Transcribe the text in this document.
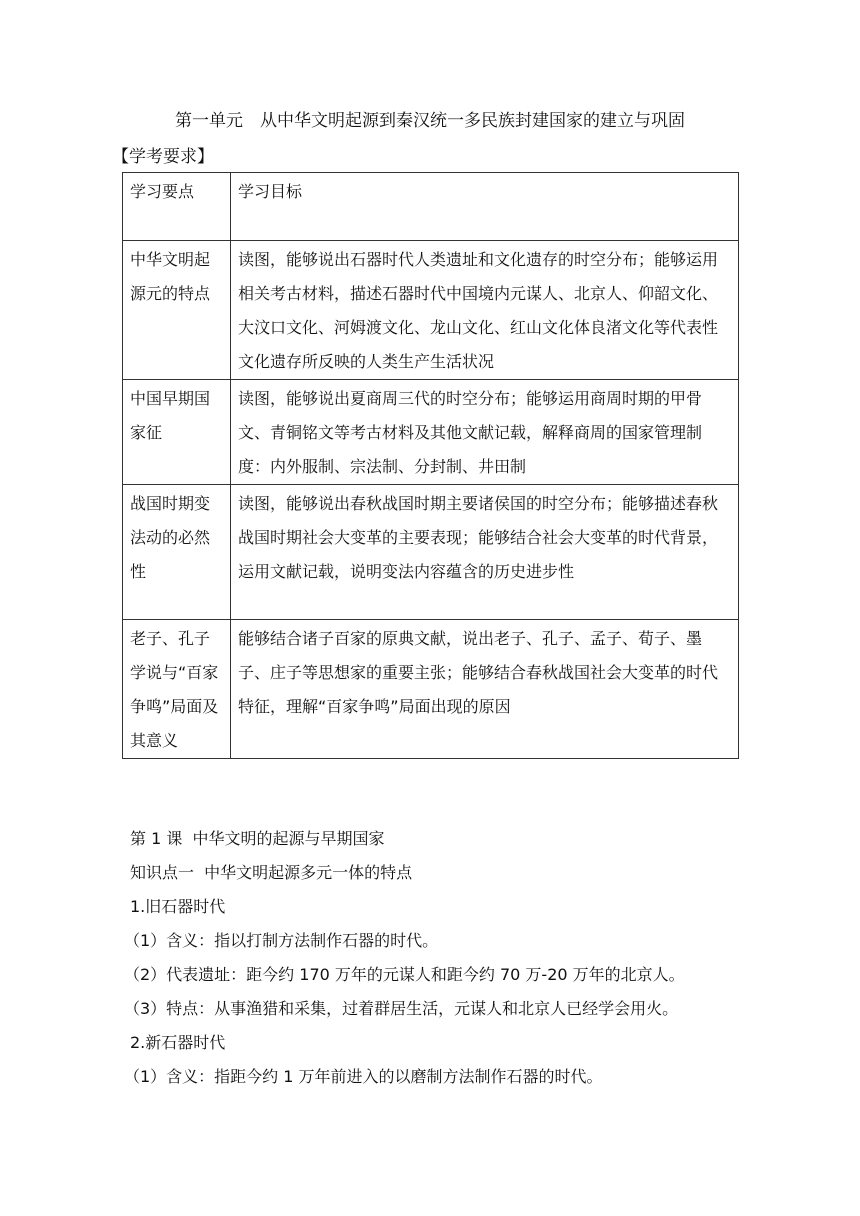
第一单元　从中华文明起源到秦汉统一多民族封建国家的建立与巩固
【学考要求】
学习要点	学习目标
中华文明起源元的特点	读图，能够说出石器时代人类遗址和文化遗存的时空分布；能够运用相关考古材料，描述石器时代中国境内元谋人、北京人、仰韶文化、大汶口文化、河姆渡文化、龙山文化、红山文化体良渚文化等代表性文化遗存所反映的人类生产生活状况
中国早期国家征	读图，能够说出夏商周三代的时空分布；能够运用商周时期的甲骨文、青铜铭文等考古材料及其他文献记载，解释商周的国家管理制度：内外服制、宗法制、分封制、井田制
战国时期变法动的必然性	读图，能够说出春秋战国时期主要诸侯国的时空分布；能够描述春秋战国时期社会大变革的主要表现；能够结合社会大变革的时代背景，运用文献记载，说明变法内容蕴含的历史进步性
老子、孔子学说与“百家争鸣”局面及其意义	能够结合诸子百家的原典文献，说出老子、孔子、孟子、荀子、墨子、庄子等思想家的重要主张；能够结合春秋战国社会大变革的时代特征，理解“百家争鸣”局面出现的原因

第 1 课  中华文明的起源与早期国家

知识点一  中华文明起源多元一体的特点

1.旧石器时代

（1）含义：指以打制方法制作石器的时代。

（2）代表遗址：距今约 170 万年的元谋人和距今约 70 万-20 万年的北京人。

（3）特点：从事渔猎和采集，过着群居生活，元谋人和北京人已经学会用火。

2.新石器时代

（1）含义：指距今约 1 万年前进入的以磨制方法制作石器的时代。
